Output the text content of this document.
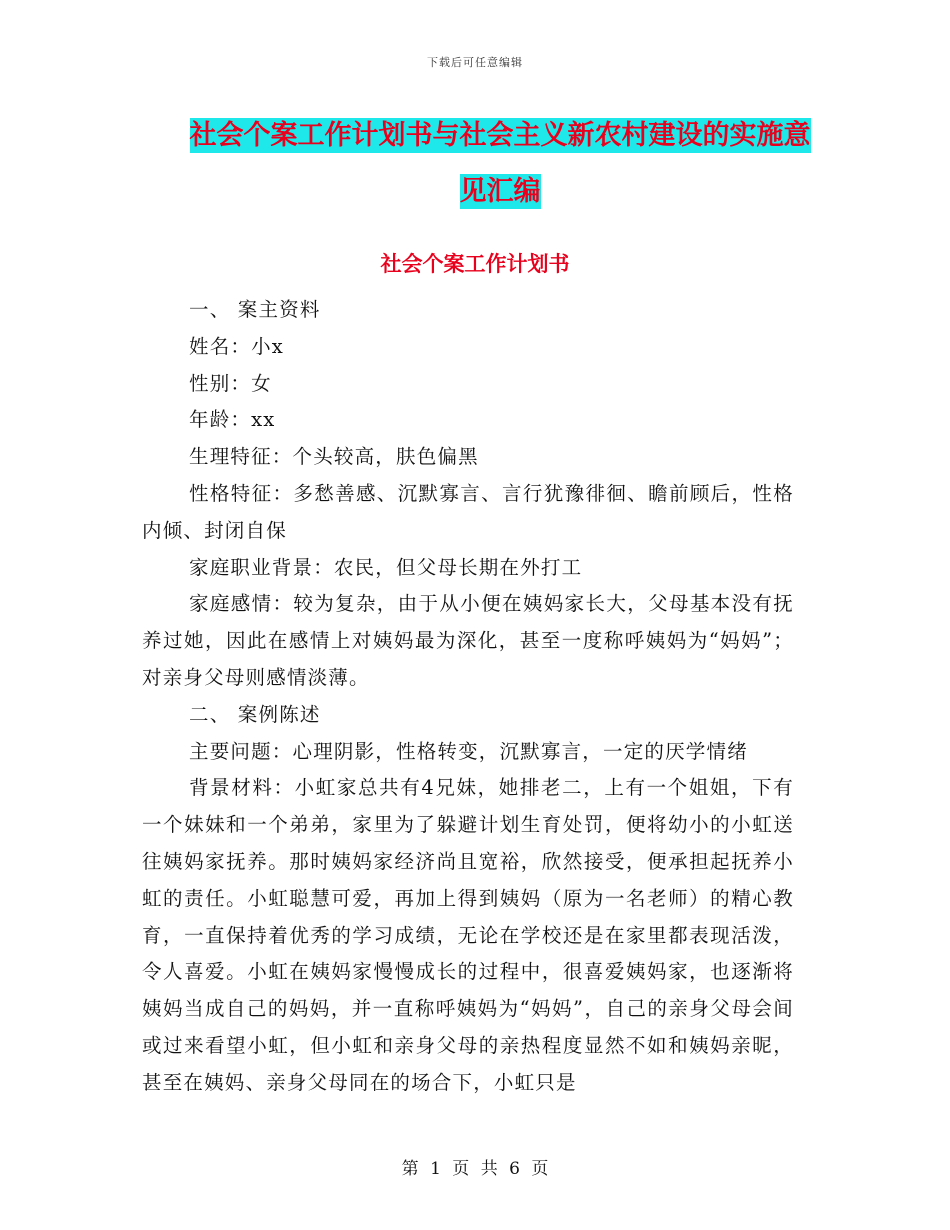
下载后可任意编辑
社会个案工作计划书与社会主义新农村建设的实施意
见汇编
社会个案工作计划书

一、 案主资料

姓名：小x

性别：女

年龄：xx

生理特征：个头较高，肤色偏黑

性格特征：多愁善感、沉默寡言、言行犹豫徘徊、瞻前顾后，性格内倾、封闭自保

家庭职业背景：农民，但父母长期在外打工

家庭感情：较为复杂，由于从小便在姨妈家长大，父母基本没有抚养过她，因此在感情上对姨妈最为深化，甚至一度称呼姨妈为“妈妈”；对亲身父母则感情淡薄。

二、 案例陈述

主要问题：心理阴影，性格转变，沉默寡言，一定的厌学情绪

背景材料：小虹家总共有4兄妹，她排老二，上有一个姐姐，下有一个妹妹和一个弟弟，家里为了躲避计划生育处罚，便将幼小的小虹送往姨妈家抚养。那时姨妈家经济尚且宽裕，欣然接受，便承担起抚养小虹的责任。小虹聪慧可爱，再加上得到姨妈（原为一名老师）的精心教育，一直保持着优秀的学习成绩，无论在学校还是在家里都表现活泼，令人喜爱。小虹在姨妈家慢慢成长的过程中，很喜爱姨妈家，也逐渐将姨妈当成自己的妈妈，并一直称呼姨妈为“妈妈”，自己的亲身父母会间或过来看望小虹，但小虹和亲身父母的亲热程度显然不如和姨妈亲昵，甚至在姨妈、亲身父母同在的场合下，小虹只是

第 1 页 共 6 页
